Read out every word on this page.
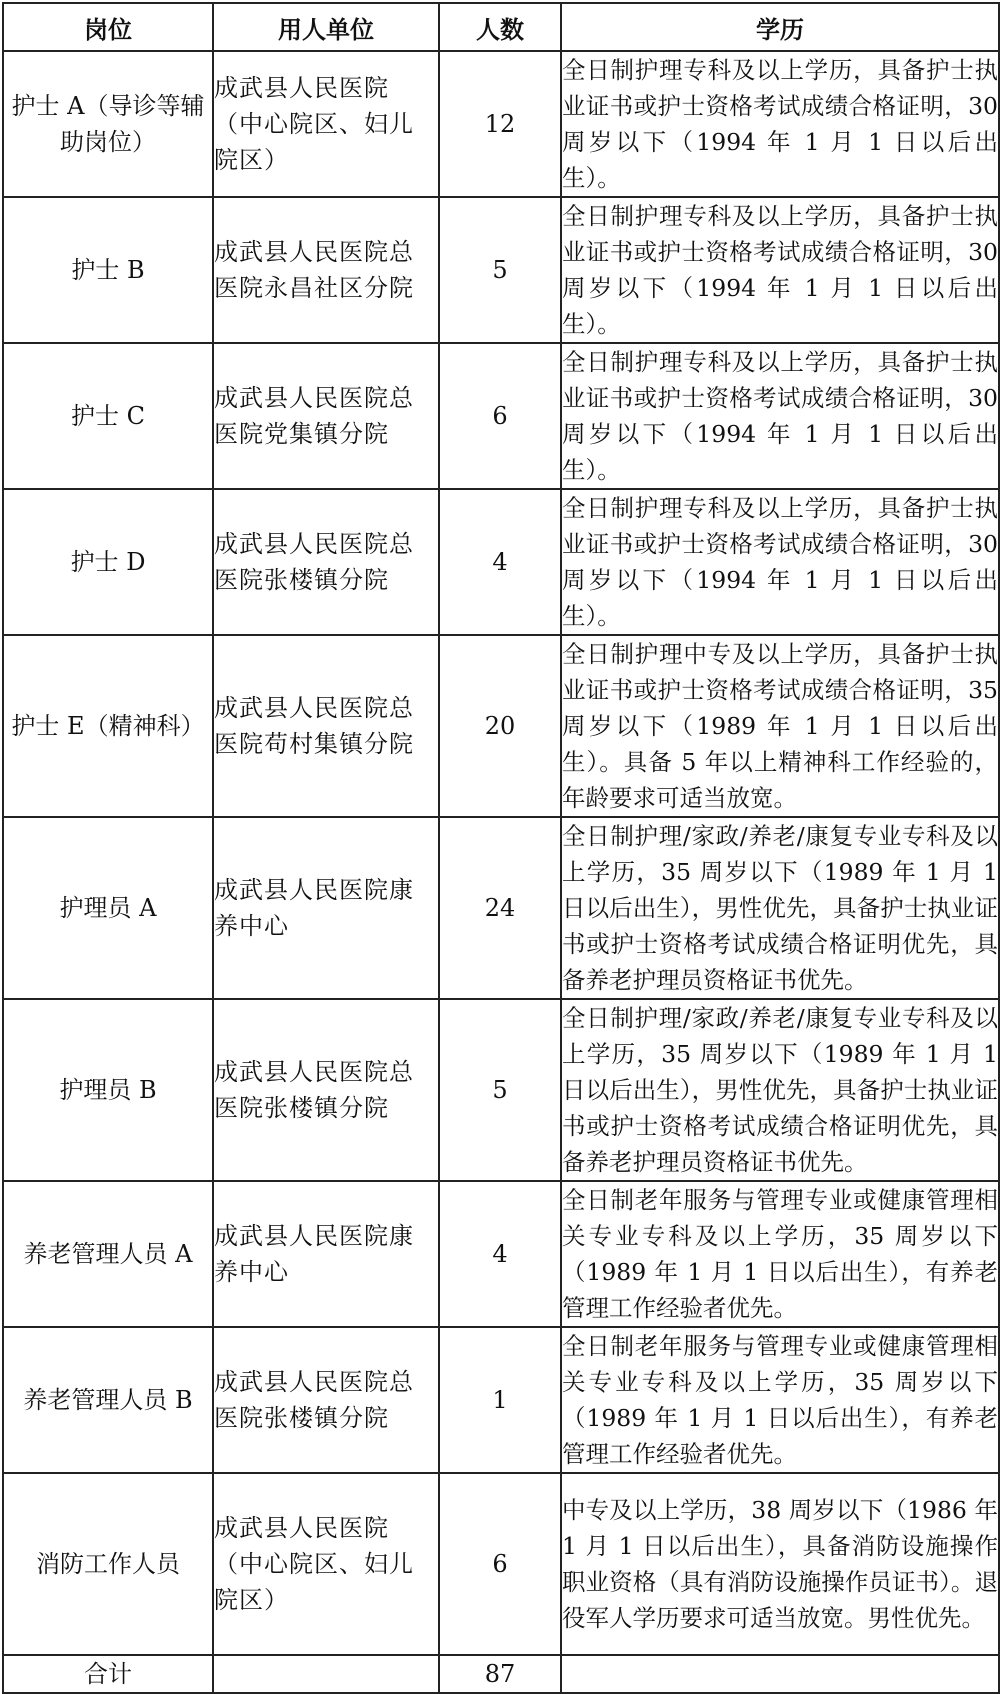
岗位	用人单位	人数	学历
护士 A（导诊等辅助岗位）	成武县人民医院（中心院区、妇儿院区）	12	全日制护理专科及以上学历，具备护士执业证书或护士资格考试成绩合格证明，30 周岁以下（1994 年 1 月 1 日以后出生）。
护士 B	成武县人民医院总医院永昌社区分院	5	全日制护理专科及以上学历，具备护士执业证书或护士资格考试成绩合格证明，30 周岁以下（1994 年 1 月 1 日以后出生）。
护士 C	成武县人民医院总医院党集镇分院	6	全日制护理专科及以上学历，具备护士执业证书或护士资格考试成绩合格证明，30 周岁以下（1994 年 1 月 1 日以后出生）。
护士 D	成武县人民医院总医院张楼镇分院	4	全日制护理专科及以上学历，具备护士执业证书或护士资格考试成绩合格证明，30 周岁以下（1994 年 1 月 1 日以后出生）。
护士 E（精神科）	成武县人民医院总医院苟村集镇分院	20	全日制护理中专及以上学历，具备护士执业证书或护士资格考试成绩合格证明，35 周岁以下（1989 年 1 月 1 日以后出生）。具备 5 年以上精神科工作经验的，年龄要求可适当放宽。
护理员 A	成武县人民医院康养中心	24	全日制护理/家政/养老/康复专业专科及以上学历，35 周岁以下（1989 年 1 月 1 日以后出生），男性优先，具备护士执业证书或护士资格考试成绩合格证明优先，具备养老护理员资格证书优先。
护理员 B	成武县人民医院总医院张楼镇分院	5	全日制护理/家政/养老/康复专业专科及以上学历，35 周岁以下（1989 年 1 月 1 日以后出生），男性优先，具备护士执业证书或护士资格考试成绩合格证明优先，具备养老护理员资格证书优先。
养老管理人员 A	成武县人民医院康养中心	4	全日制老年服务与管理专业或健康管理相关专业专科及以上学历，35 周岁以下（1989 年 1 月 1 日以后出生），有养老管理工作经验者优先。
养老管理人员 B	成武县人民医院总医院张楼镇分院	1	全日制老年服务与管理专业或健康管理相关专业专科及以上学历，35 周岁以下（1989 年 1 月 1 日以后出生），有养老管理工作经验者优先。
消防工作人员	成武县人民医院（中心院区、妇儿院区）	6	中专及以上学历，38 周岁以下（1986 年 1 月 1 日以后出生），具备消防设施操作职业资格（具有消防设施操作员证书）。退役军人学历要求可适当放宽。男性优先。
合计		87	
